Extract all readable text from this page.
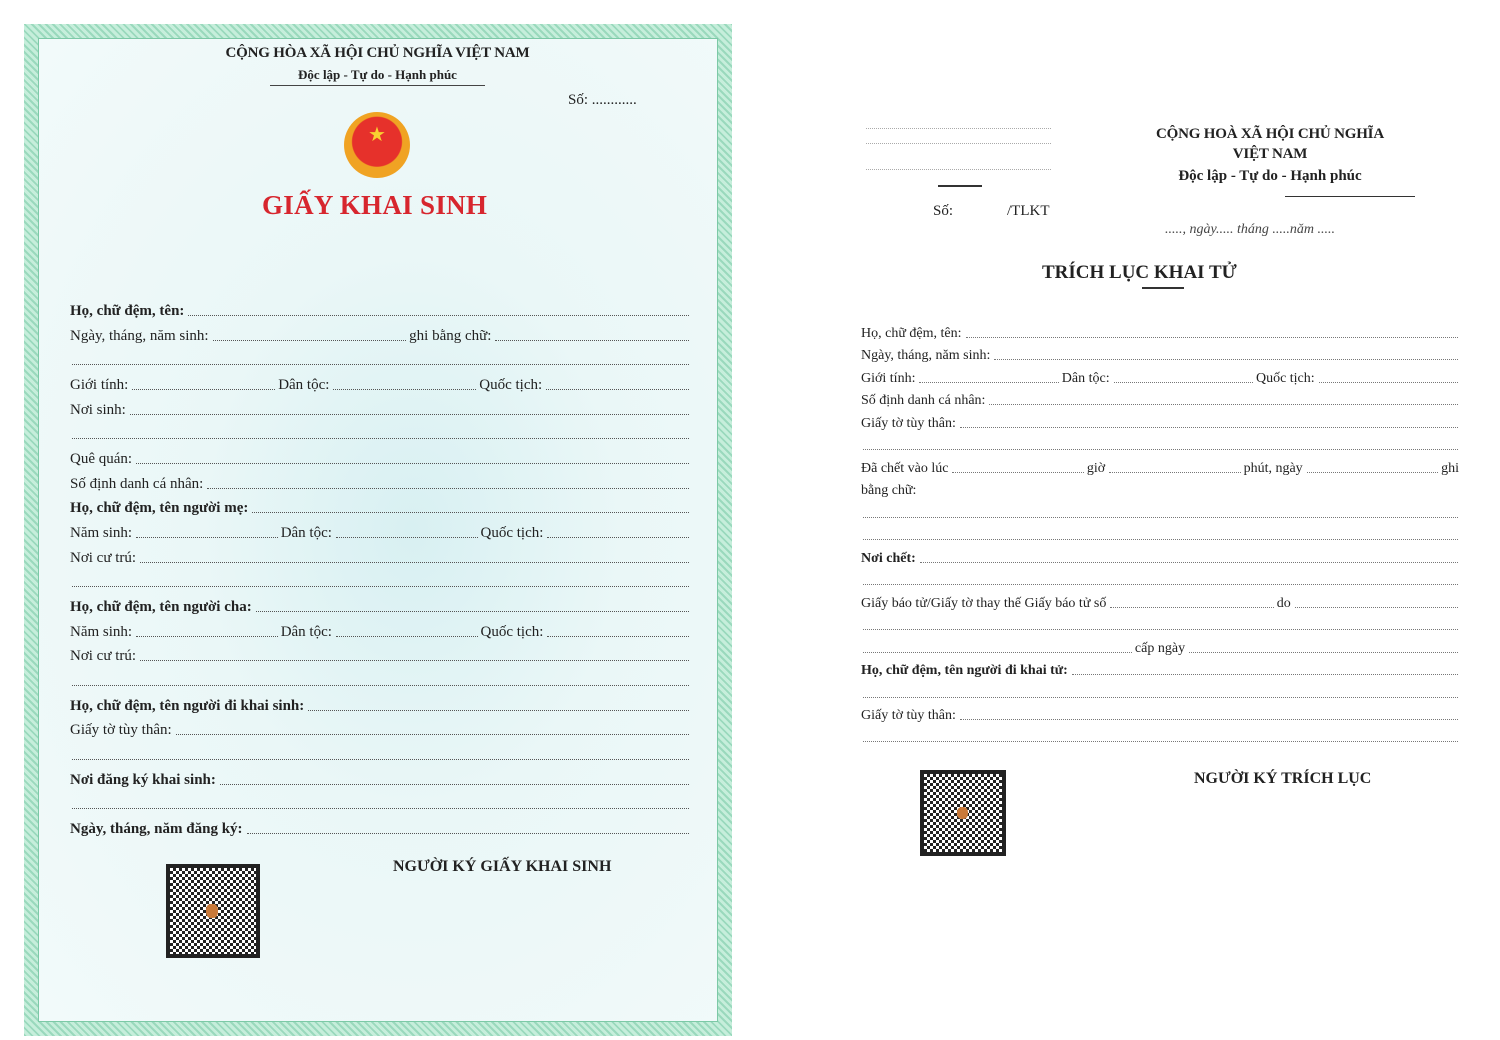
CỘNG HÒA XÃ HỘI CHỦ NGHĨA VIỆT NAM
Độc lập - Tự do - Hạnh phúc
Số: ............
★
GIẤY KHAI SINH
Họ, chữ đệm, tên:
Ngày, tháng, năm sinh:	ghi bằng chữ:
Giới tính:	Dân tộc:	Quốc tịch:
Nơi sinh:
Quê quán:
Số định danh cá nhân:
Họ, chữ đệm, tên người mẹ:
Năm sinh:	Dân tộc:	Quốc tịch:
Nơi cư trú:
Họ, chữ đệm, tên người cha:
Năm sinh:	Dân tộc:	Quốc tịch:
Nơi cư trú:
Họ, chữ đệm, tên người đi khai sinh:
Giấy tờ tùy thân:
Nơi đăng ký khai sinh:
Ngày, tháng, năm đăng ký:
NGƯỜI KÝ GIẤY KHAI SINH
Số:	/TLKT
CỘNG HOÀ XÃ HỘI CHỦ NGHĨA
VIỆT NAM
Độc lập - Tự do - Hạnh phúc
....., ngày..... tháng .....năm .....
TRÍCH LỤC KHAI TỬ
Họ, chữ đệm, tên:
Ngày, tháng, năm sinh:
Giới tính:	Dân tộc:	Quốc tịch:
Số định danh cá nhân:
Giấy tờ tùy thân:
Đã chết vào lúc	giờ	phút, ngày	ghi
bằng chữ:
Nơi chết:
Giấy báo tử/Giấy tờ thay thế Giấy báo tử số	do
cấp ngày
Họ, chữ đệm, tên người đi khai tử:
Giấy tờ tùy thân:
NGƯỜI KÝ TRÍCH LỤC
